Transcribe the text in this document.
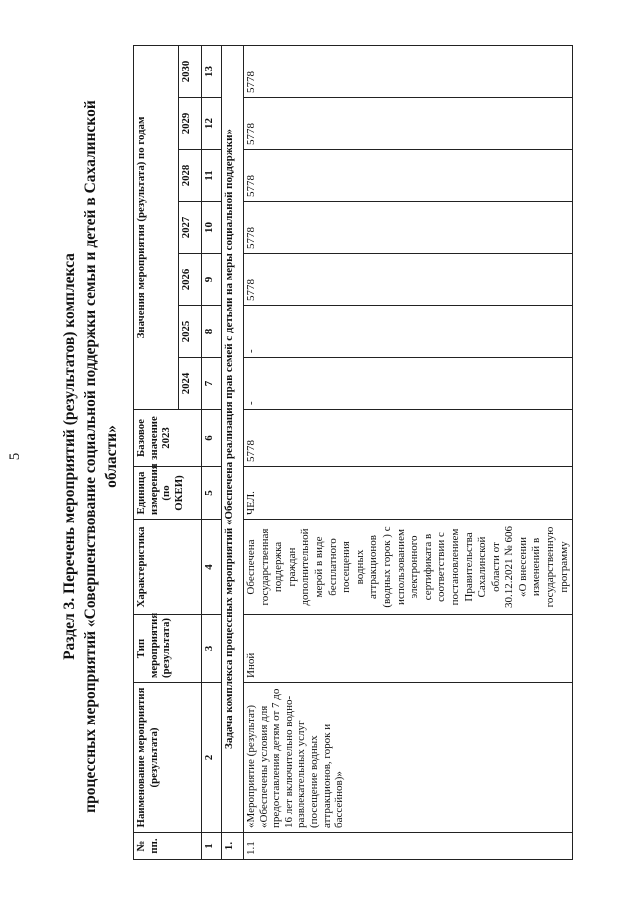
5 Раздел 3. Перечень мероприятий (результатов) комплекса процессных мероприятий «Совершенствование социальной поддержки семьи и детей в Сахалинской области»
№ пп.	Наименование мероприятия (результата)	Тип мероприятия (результата)	Характеристика	Единица измерения (по ОКЕИ)	Базовое значение 2023	Значения мероприятия (результата) по годам						
						2024	2025	2026	2027	2028	2029	2030
1	2	3	4	5	6	7	8	9	10	11	12	13
1.	Задача комплекса процессных мероприятий «Обеспечена реализация прав семей с детьми на меры социальной поддержки»											
1.1	«Мероприятие (результат) «Обеспечены условия для предоставления детям от 7 до 16 лет включительно водно-развлекательных услуг (посещение водных аттракционов, горок и бассейнов)»	Иной	Обеспечена государственная поддержка граждан дополнительной мерой в виде бесплатного посещения водных аттракционов (водных горок ) с использованием электронного сертификата в соответствии с постановлением Правительства Сахалинской области от 30.12.2021 № 606 «О внесении изменений в государственную программу	ЧЕЛ.	5778	-	-	5778	5778	5778	5778	5778
